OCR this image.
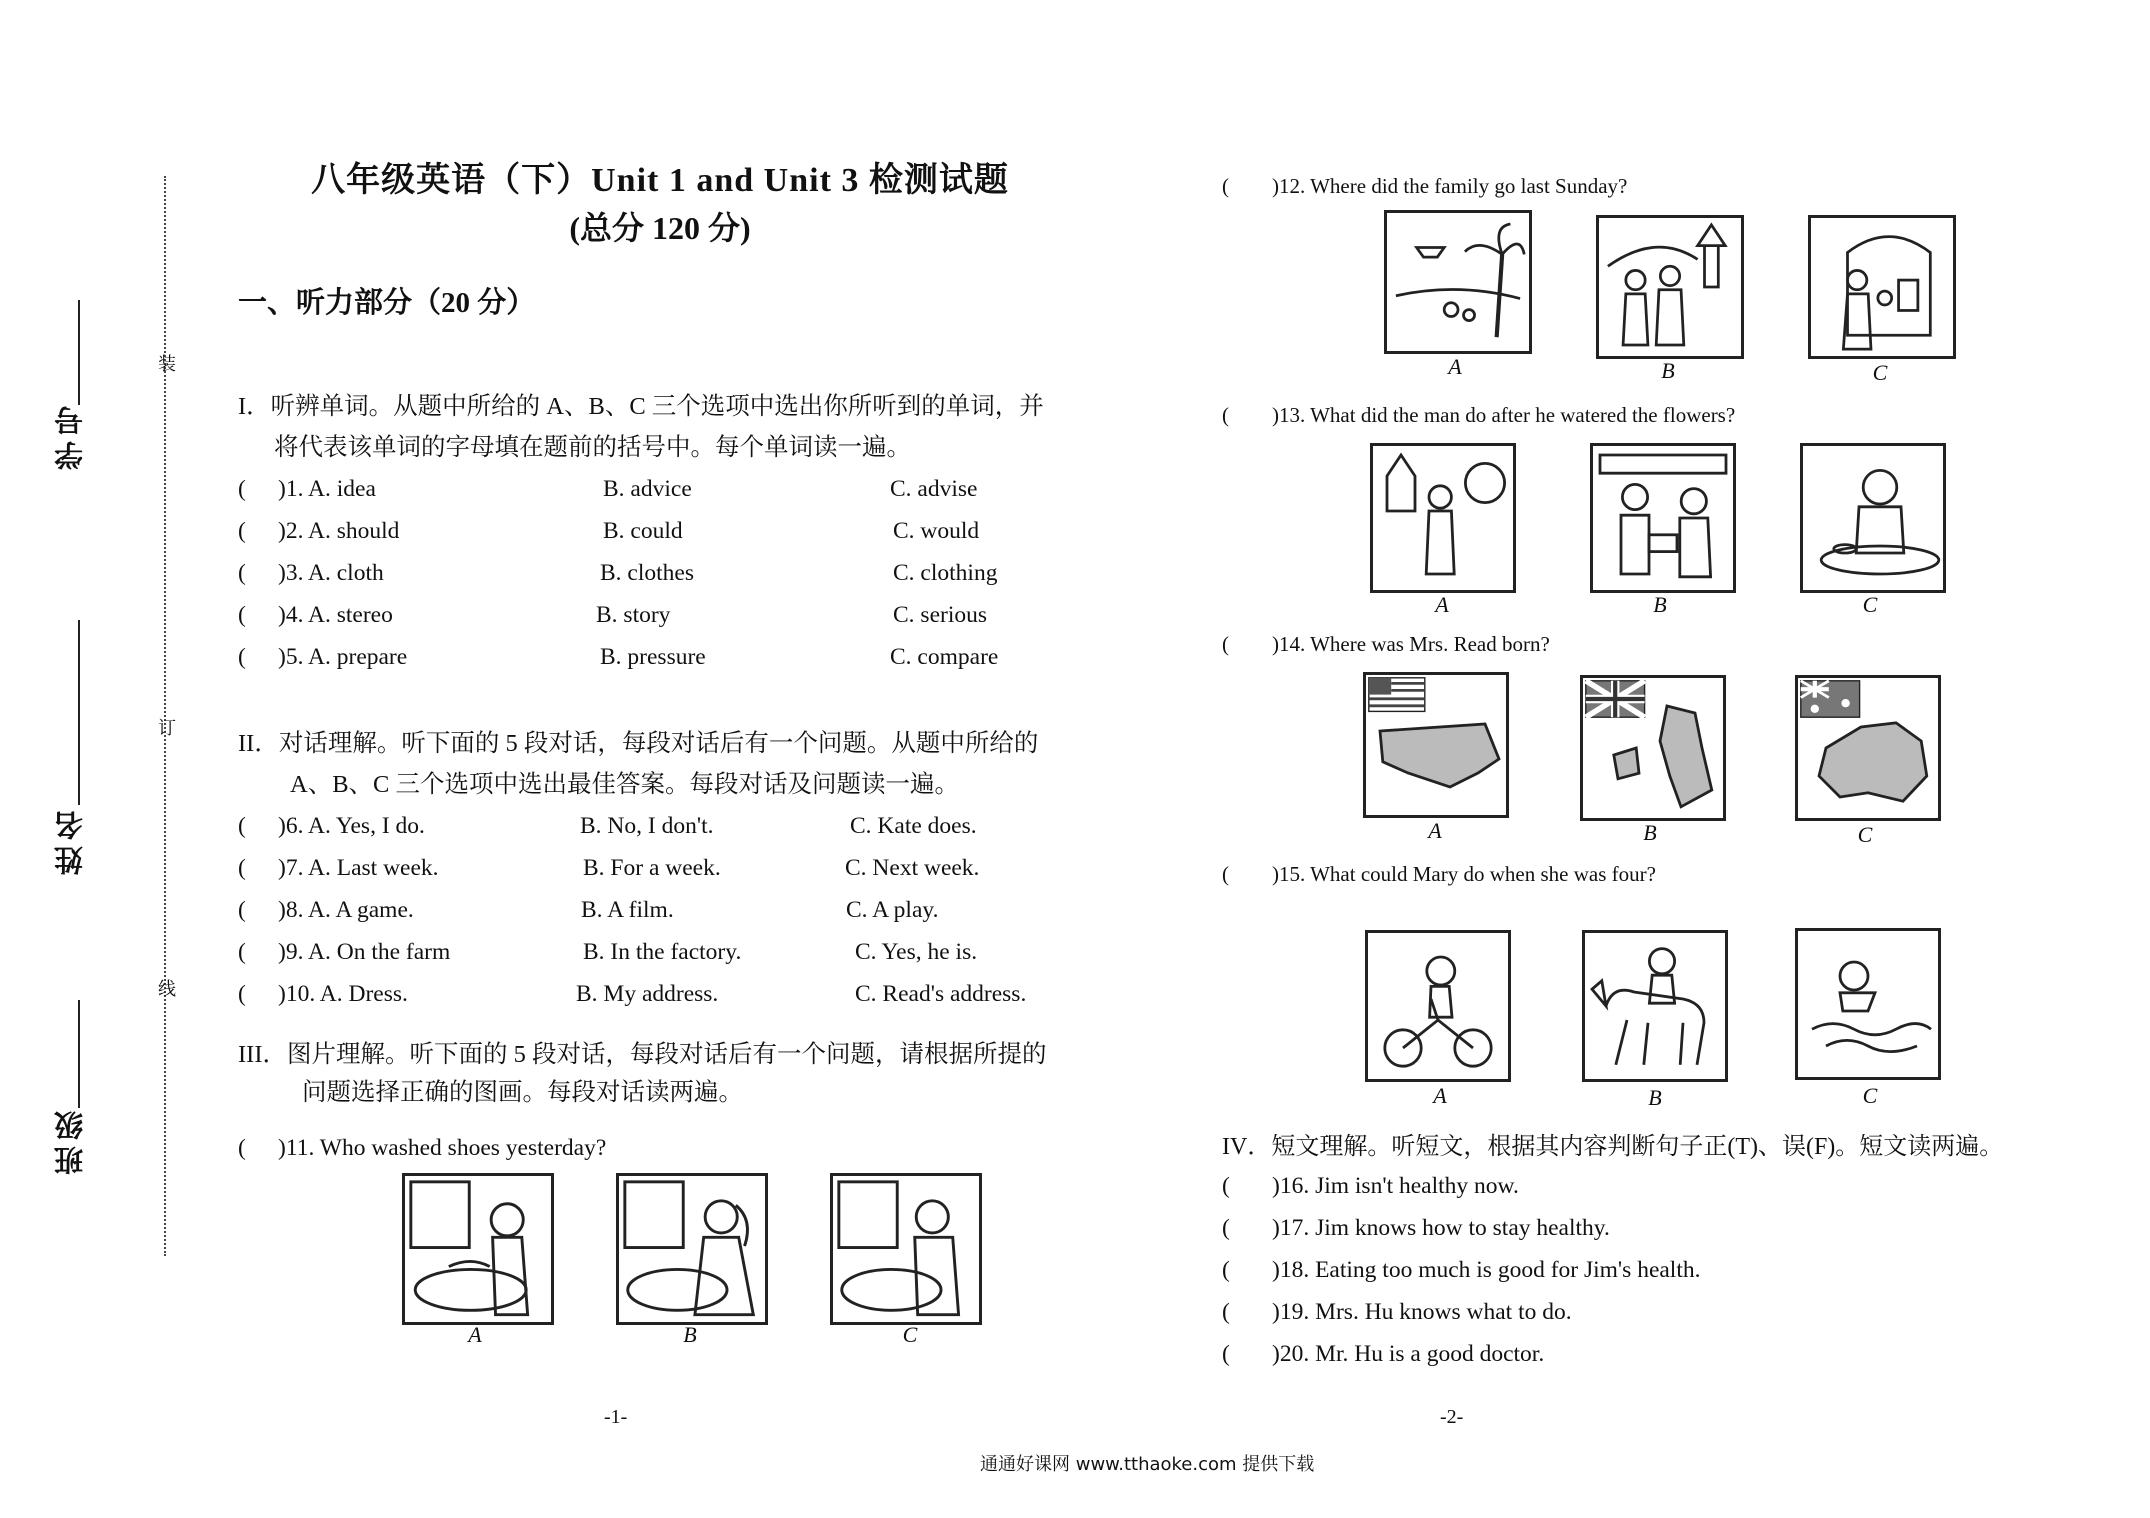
装
订
线
学号
姓名
班级
八年级英语（下）Unit 1 and Unit 3 检测试题
(总分 120 分)
一、听力部分（20 分）
I．听辨单词。从题中所给的 A、B、C 三个选项中选出你所听到的单词，并
将代表该单词的字母填在题前的括号中。每个单词读一遍。
( )1. A. idea	B. advice	C. advise
( )2. A. should	B. could	C. would
( )3. A. cloth	B. clothes	C. clothing
( )4. A. stereo	B. story	C. serious
( )5. A. prepare	B. pressure	C. compare
II．对话理解。听下面的 5 段对话，每段对话后有一个问题。从题中所给的
A、B、C 三个选项中选出最佳答案。每段对话及问题读一遍。
( )6. A. Yes, I do.	B. No, I don't.	C. Kate does.
( )7. A. Last week.	B. For a week.	C. Next week.
( )8. A. A game.	B. A film.	C. A play.
( )9. A. On the farm	B. In the factory.	C. Yes, he is.
( )10. A. Dress.	B. My address.	C. Read's address.
III．图片理解。听下面的 5 段对话，每段对话后有一个问题，请根据所提的
问题选择正确的图画。每段对话读两遍。
( )11. Who washed shoes yesterday?
A	B	C
( )12. Where did the family go last Sunday?
A	B	C
( )13. What did the man do after he watered the flowers?
A	B	C
( )14. Where was Mrs. Read born?
A	B	C
( )15. What could Mary do when she was four?
A	B	C
IV．短文理解。听短文，根据其内容判断句子正(T)、误(F)。短文读两遍。
( )16. Jim isn't healthy now.
( )17. Jim knows how to stay healthy.
( )18. Eating too much is good for Jim's health.
( )19. Mrs. Hu knows what to do.
( )20. Mr. Hu is a good doctor.
-1-	-2-
通通好课网 www.tthaoke.com 提供下载
